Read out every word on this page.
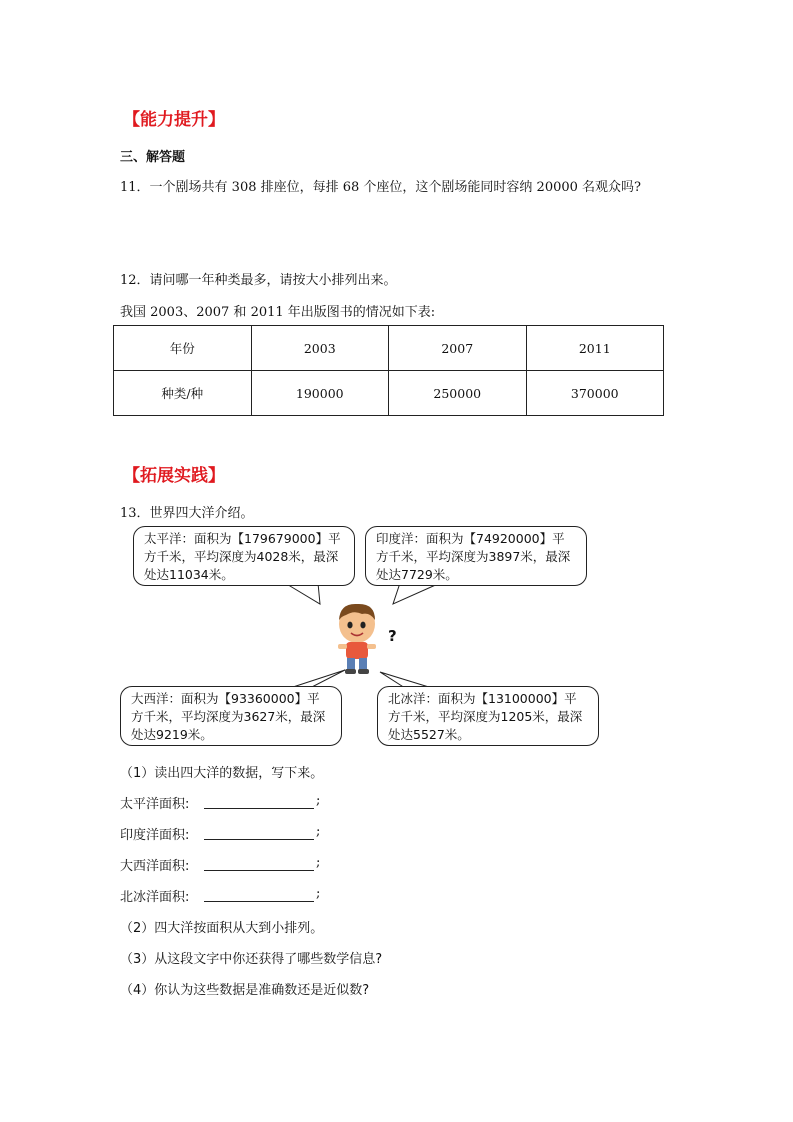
【能力提升】
三、解答题
11．一个剧场共有 308 排座位，每排 68 个座位，这个剧场能同时容纳 20000 名观众吗?
12．请问哪一年种类最多，请按大小排列出来。
我国 2003、2007 和 2011 年出版图书的情况如下表:
年份	2003	2007	2011
种类/种	190000	250000	370000
【拓展实践】
13．世界四大洋介绍。
太平洋：面积为【179679000】平方千米，平均深度为4028米，最深处达11034米。
印度洋：面积为【74920000】平方千米，平均深度为3897米，最深处达7729米。
大西洋：面积为【93360000】平方千米，平均深度为3627米，最深处达9219米。
北冰洋：面积为【13100000】平方千米，平均深度为1205米，最深处达5527米。
?
（1）读出四大洋的数据，写下来。
太平洋面积:	;
印度洋面积:	;
大西洋面积:	;
北冰洋面积:	;
（2）四大洋按面积从大到小排列。
（3）从这段文字中你还获得了哪些数学信息?
（4）你认为这些数据是准确数还是近似数?
